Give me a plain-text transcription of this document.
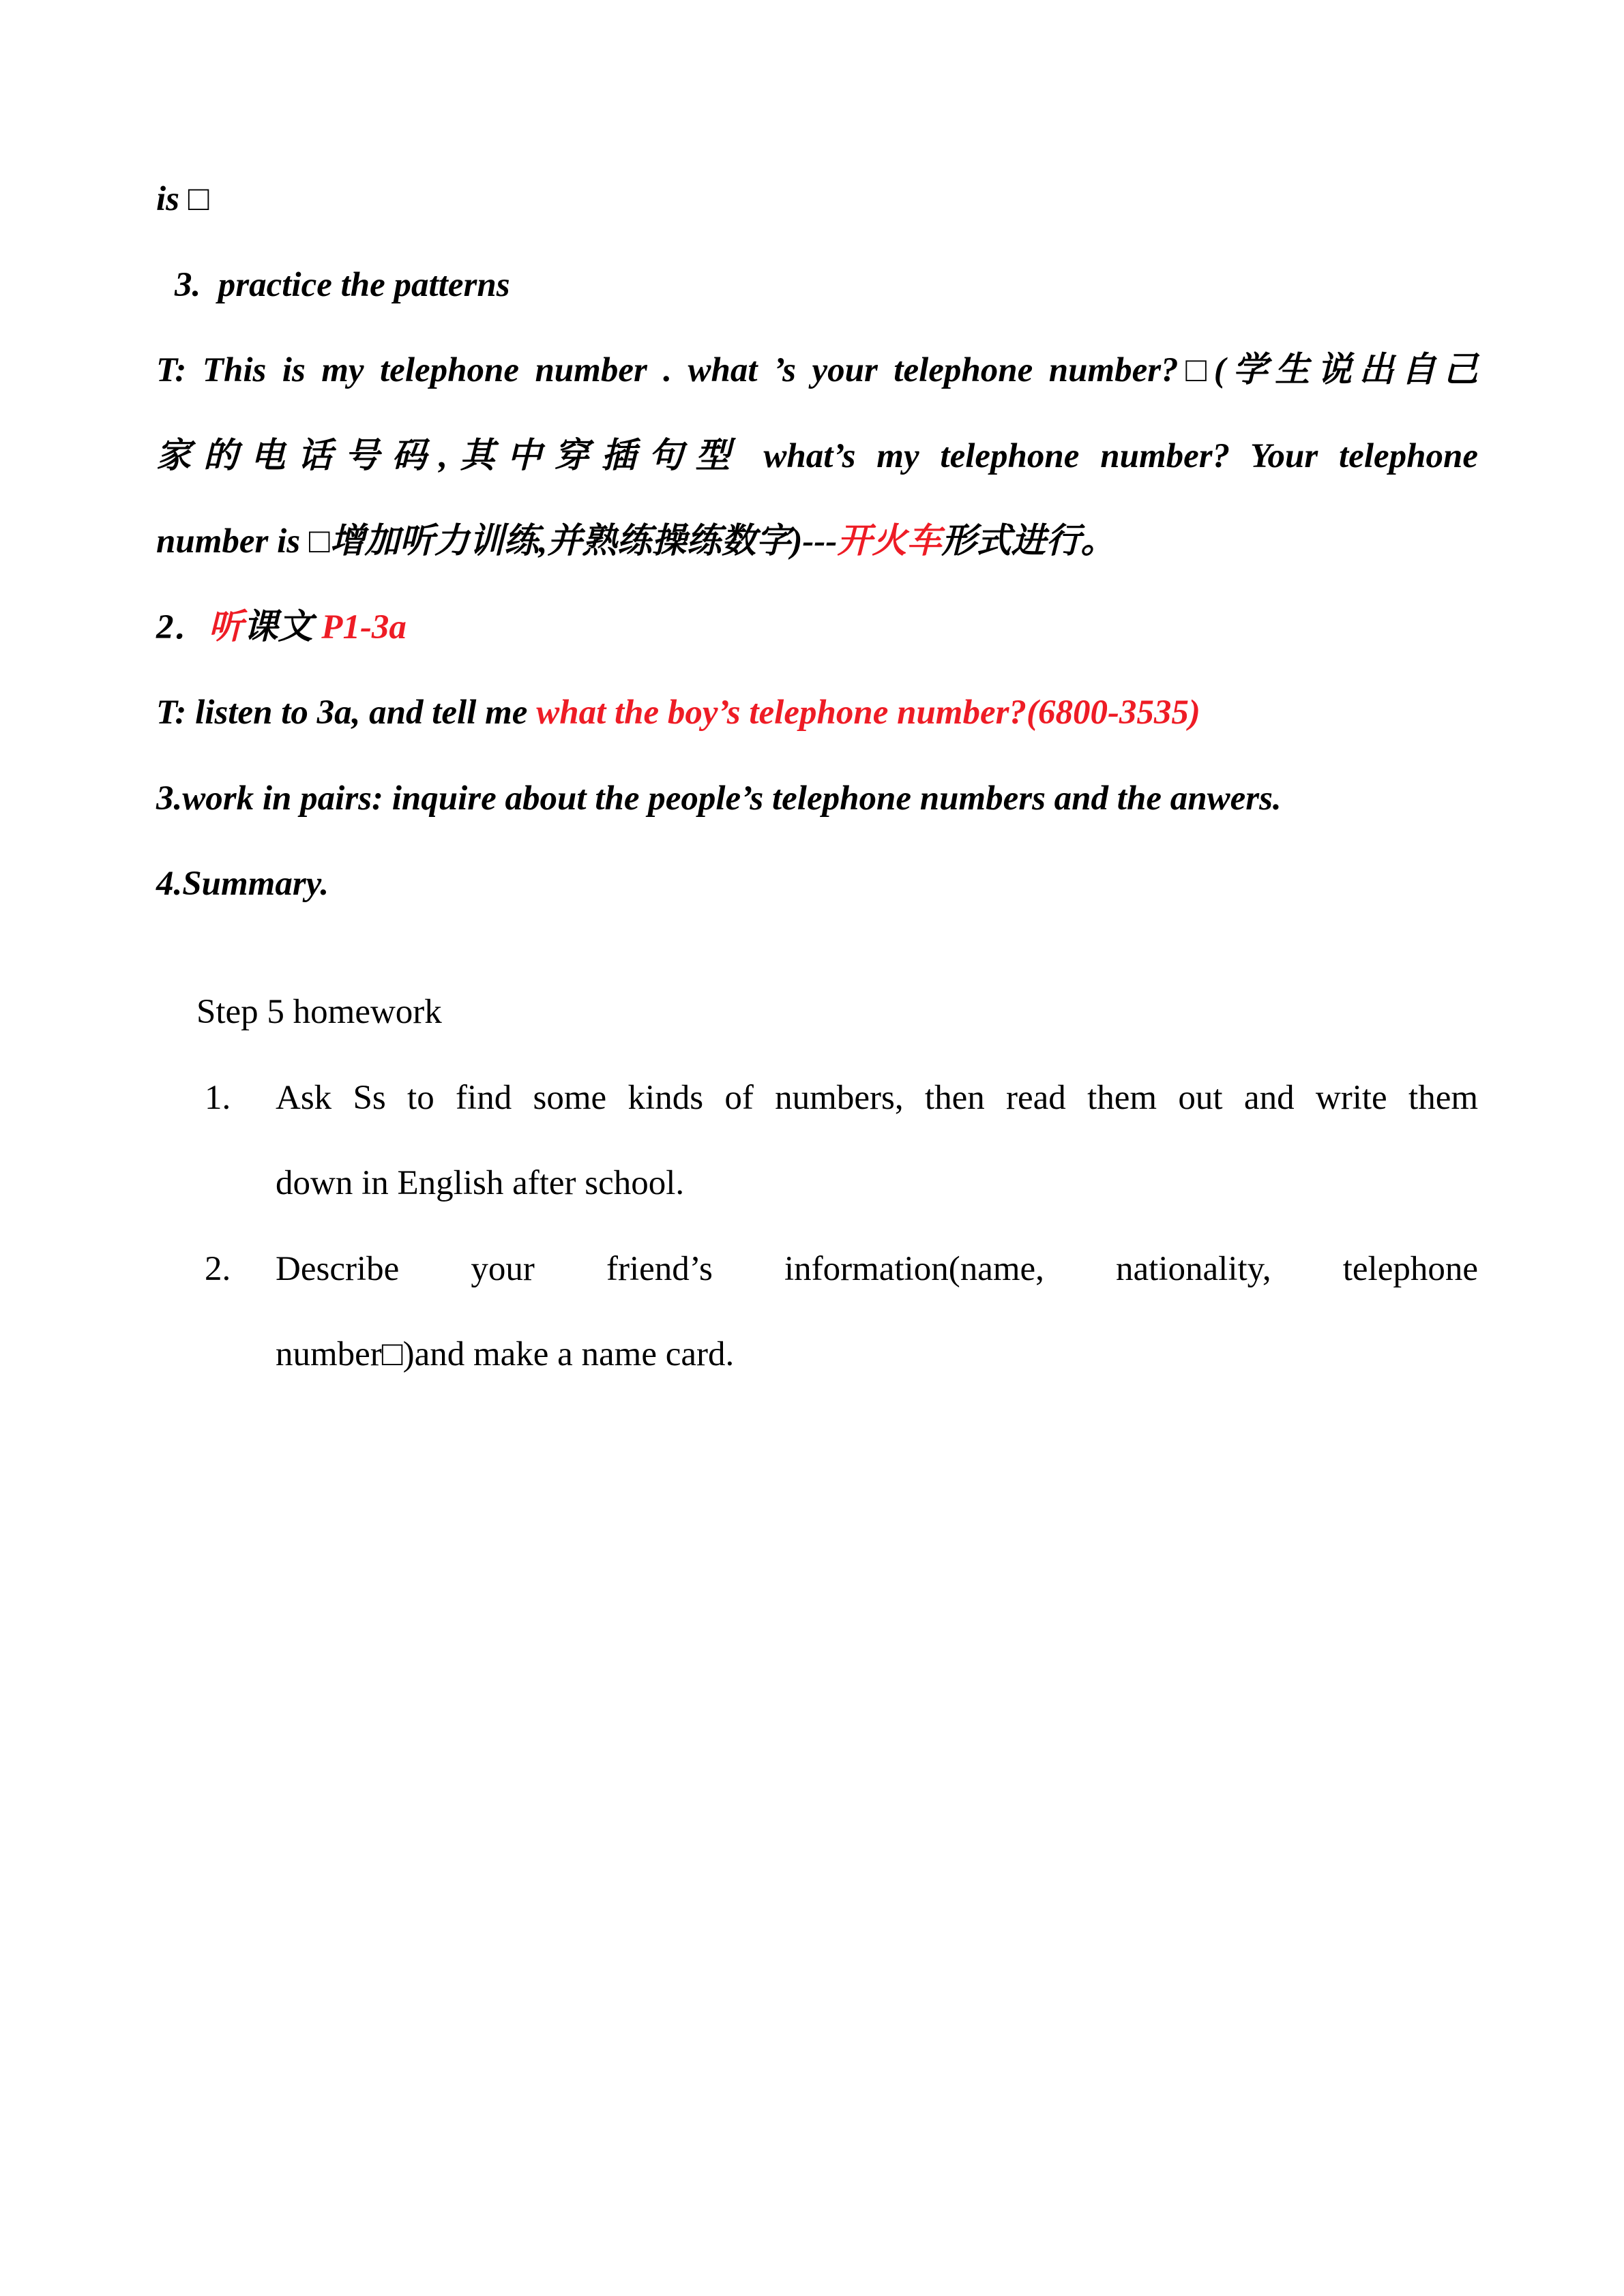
is □
3. practice the patterns
T: This is my telephone number . what ’s your telephone number?□(学生说出自己
家的电话号码,其中穿插句型 what’s my telephone number? Your telephone
number is □增加听力训练,并熟练操练数字)---开火车形式进行。
2．听课文 P1-3a
T: listen to 3a, and tell me what the boy’s telephone number?(6800-3535)
3.work in pairs: inquire about the people’s telephone numbers and the anwers.
4.Summary.
Step 5 homework
1. Ask Ss to find some kinds of numbers, then read them out and write them
down in English after school.
2. Describe your friend’s information(name, nationality, telephone
number□)and make a name card.
